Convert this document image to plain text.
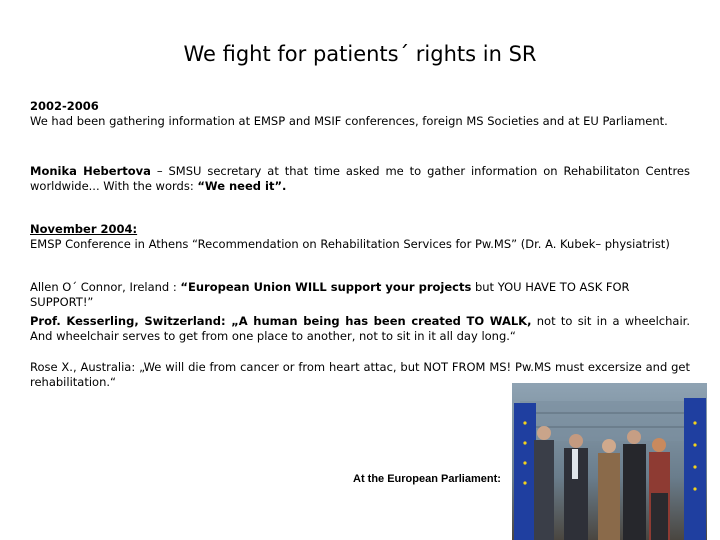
We fight for patients´ rights in SR
2002-2006
We had been gathering information at EMSP and MSIF conferences, foreign MS Societies and at EU Parliament.
Monika Hebertova – SMSU secretary at that time asked me to gather information on Rehabilitaton Centres worldwide... With the words: “We need it”.
November 2004:
EMSP Conference in Athens “Recommendation on Rehabilitation Services for Pw.MS” (Dr. A. Kubek– physiatrist)
Allen O´ Connor, Ireland : “European Union WILL support your projects but YOU HAVE TO ASK FOR SUPPORT!”
Prof. Kesserling, Switzerland: „A human being has been created TO WALK, not to sit in a wheelchair. And wheelchair serves to get from one place to another, not to sit in it all day long.“
Rose X., Australia: „We will die from cancer or from heart attac, but NOT FROM MS! Pw.MS must excersize and get rehabilitation.“
At the European Parliament:
